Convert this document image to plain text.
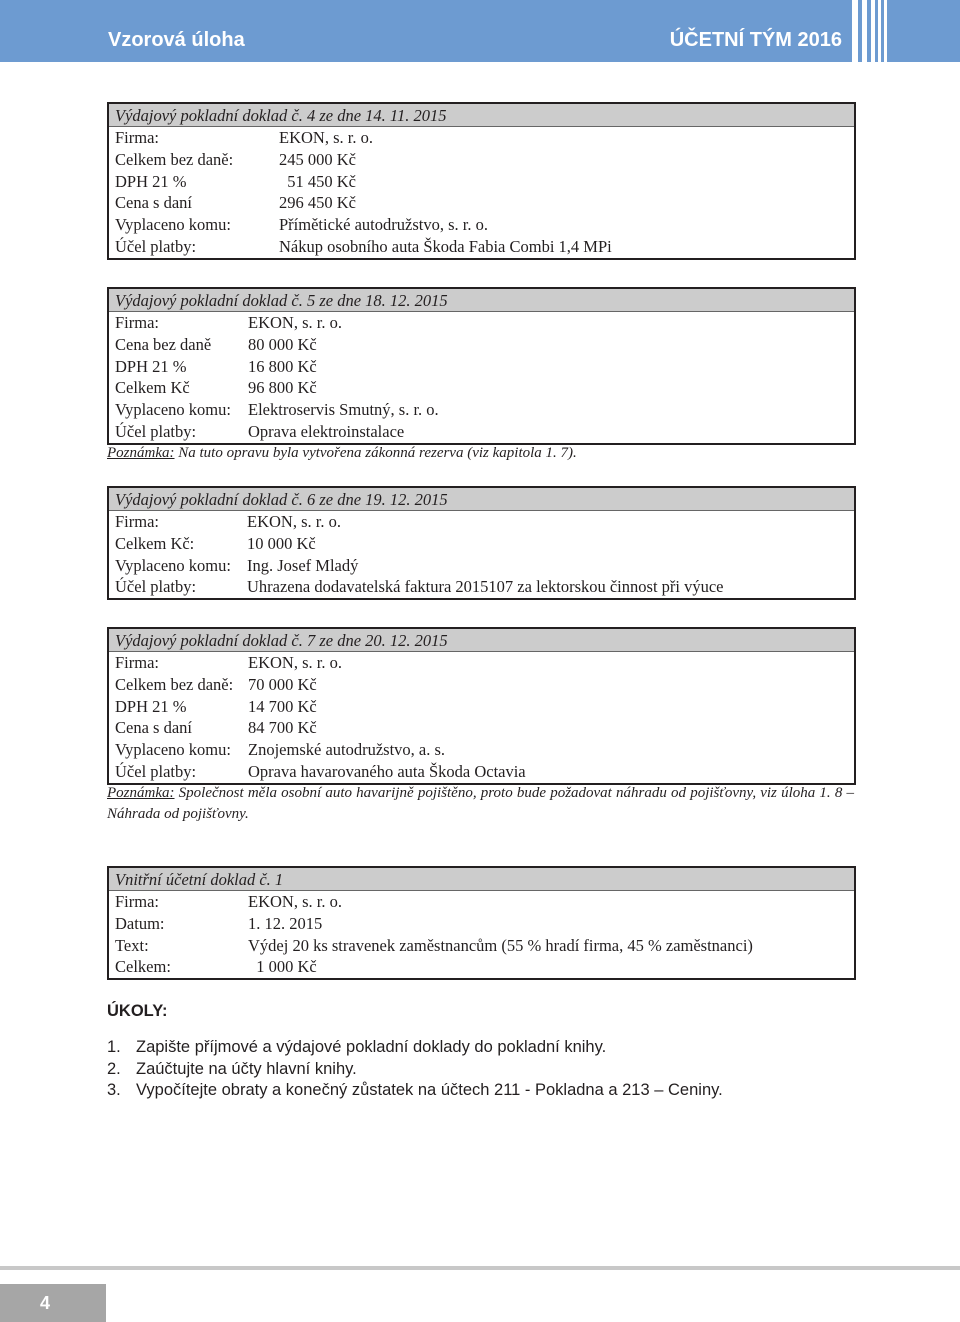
Vzorová úloha	ÚČETNÍ TÝM 2016
Výdajový pokladní doklad č. 4 ze dne 14. 11. 2015
Firma:	EKON, s. r. o.
Celkem bez daně:	245 000 Kč
DPH 21 %	51 450 Kč
Cena s daní	296 450 Kč
Vyplaceno komu:	Přímětické autodružstvo, s. r. o.
Účel platby:	Nákup osobního auta Škoda Fabia Combi 1,4 MPi
Výdajový pokladní doklad č. 5 ze dne 18. 12. 2015
Firma:	EKON, s. r. o.
Cena bez daně 80 000 Kč
DPH 21 %	16 800 Kč
Celkem Kč	96 800 Kč
Vyplaceno komu: Elektroservis Smutný, s. r. o.
Účel platby:	Oprava elektroinstalace
Poznámka: Na tuto opravu byla vytvořena zákonná rezerva (viz kapitola 1. 7).
Výdajový pokladní doklad č. 6 ze dne 19. 12. 2015
Firma:	EKON, s. r. o.
Celkem Kč:	10 000 Kč
Vyplaceno komu: Ing. Josef Mladý
Účel platby:	Uhrazena dodavatelská faktura 2015107 za lektorskou činnost při výuce
Výdajový pokladní doklad č. 7 ze dne 20. 12. 2015
Firma:	EKON, s. r. o.
Celkem bez daně: 70 000 Kč
DPH 21 %	14 700 Kč
Cena s daní	84 700 Kč
Vyplaceno komu: Znojemské autodružstvo, a. s.
Účel platby:	Oprava havarovaného auta Škoda Octavia
Poznámka: Společnost měla osobní auto havarijně pojištěno, proto bude požadovat náhradu od pojišťovny, viz úloha 1. 8 – Náhrada od pojišťovny.
Vnitřní účetní doklad č. 1
Firma:	EKON, s. r. o.
Datum:	1. 12. 2015
Text:	Výdej 20 ks stravenek zaměstnancům (55 % hradí firma, 45 % zaměstnanci)
Celkem:	1 000 Kč
ÚKOLY:
1. Zapište příjmové a výdajové pokladní doklady do pokladní knihy.
2. Zaúčtujte na účty hlavní knihy.
3. Vypočítejte obraty a konečný zůstatek na účtech 211 - Pokladna a 213 – Ceniny.
4
